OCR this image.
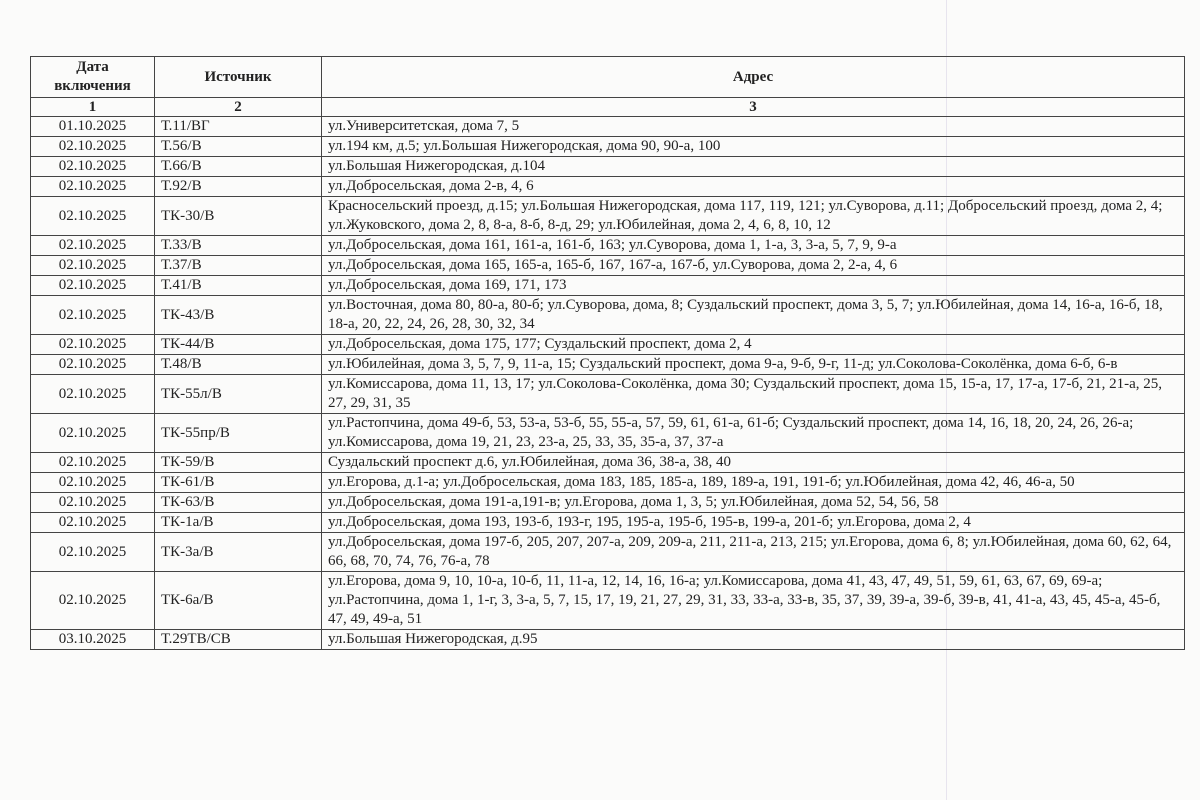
Дата включения	Источник	Адрес
1	2	3
01.10.2025	Т.11/ВГ	ул.Университетская, дома 7, 5
02.10.2025	Т.56/В	ул.194 км, д.5; ул.Большая Нижегородская, дома 90, 90-а, 100
02.10.2025	Т.66/В	ул.Большая Нижегородская, д.104
02.10.2025	Т.92/В	ул.Добросельская, дома 2-в, 4, 6
02.10.2025	ТК-30/В	Красносельский проезд, д.15; ул.Большая Нижегородская, дома 117, 119, 121; ул.Суворова, д.11; Добросельский проезд, дома 2, 4; ул.Жуковского, дома 2, 8, 8-а, 8-б, 8-д, 29; ул.Юбилейная, дома 2, 4, 6, 8, 10, 12
02.10.2025	Т.33/В	ул.Добросельская, дома 161, 161-а, 161-б, 163; ул.Суворова, дома 1, 1-а, 3, 3-а, 5, 7, 9, 9-а
02.10.2025	Т.37/В	ул.Добросельская, дома 165, 165-а, 165-б, 167, 167-а, 167-б, ул.Суворова, дома 2, 2-а, 4, 6
02.10.2025	Т.41/В	ул.Добросельская, дома 169, 171, 173
02.10.2025	ТК-43/В	ул.Восточная, дома 80, 80-а, 80-б; ул.Суворова, дома, 8; Суздальский проспект, дома 3, 5, 7; ул.Юбилейная, дома 14, 16-а, 16-б, 18, 18-а, 20, 22, 24, 26, 28, 30, 32, 34
02.10.2025	ТК-44/В	ул.Добросельская, дома 175, 177; Суздальский проспект, дома 2, 4
02.10.2025	Т.48/В	ул.Юбилейная, дома 3, 5, 7, 9, 11-а, 15; Суздальский проспект, дома 9-а, 9-б, 9-г, 11-д; ул.Соколова-Соколёнка, дома 6-б, 6-в
02.10.2025	ТК-55л/В	ул.Комиссарова, дома 11, 13, 17; ул.Соколова-Соколёнка, дома 30; Суздальский проспект, дома 15, 15-а, 17, 17-а, 17-б, 21, 21-а, 25, 27, 29, 31, 35
02.10.2025	ТК-55пр/В	ул.Растопчина, дома 49-б, 53, 53-а, 53-б, 55, 55-а, 57, 59, 61, 61-а, 61-б; Суздальский проспект, дома 14, 16, 18, 20, 24, 26, 26-а; ул.Комиссарова, дома 19, 21, 23, 23-а, 25, 33, 35, 35-а, 37, 37-а
02.10.2025	ТК-59/В	Суздальский проспект д.6, ул.Юбилейная, дома 36, 38-а, 38, 40
02.10.2025	ТК-61/В	ул.Егорова, д.1-а; ул.Добросельская, дома 183, 185, 185-а, 189, 189-а, 191, 191-б; ул.Юбилейная, дома 42, 46, 46-а, 50
02.10.2025	ТК-63/В	ул.Добросельская, дома 191-а,191-в; ул.Егорова, дома 1, 3, 5; ул.Юбилейная, дома 52, 54, 56, 58
02.10.2025	ТК-1а/В	ул.Добросельская, дома 193, 193-б, 193-г, 195, 195-а, 195-б, 195-в, 199-а, 201-б; ул.Егорова, дома 2, 4
02.10.2025	ТК-3а/В	ул.Добросельская, дома 197-б, 205, 207, 207-а, 209, 209-а, 211, 211-а, 213, 215; ул.Егорова, дома 6, 8; ул.Юбилейная, дома 60, 62, 64, 66, 68, 70, 74, 76, 76-а, 78
02.10.2025	ТК-6а/В	ул.Егорова, дома 9, 10, 10-а, 10-б, 11, 11-а, 12, 14, 16, 16-а; ул.Комиссарова, дома 41, 43, 47, 49, 51, 59, 61, 63, 67, 69, 69-а; ул.Растопчина, дома 1, 1-г, 3, 3-а, 5, 7, 15, 17, 19, 21, 27, 29, 31, 33, 33-а, 33-в, 35, 37, 39, 39-а, 39-б, 39-в, 41, 41-а, 43, 45, 45-а, 45-б, 47, 49, 49-а, 51
03.10.2025	Т.29ТВ/СВ	ул.Большая Нижегородская, д.95
